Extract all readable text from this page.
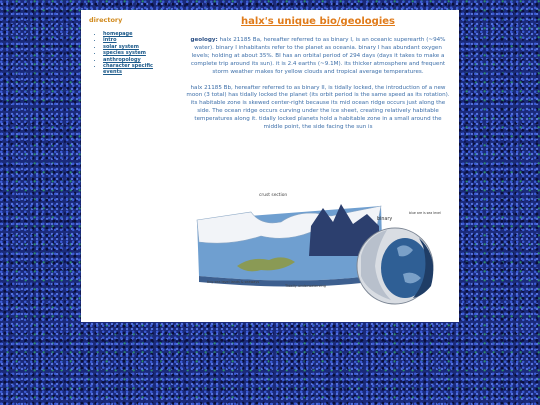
directory
• homepage
• intro
• solar system
• species system
• anthropology
• character specific events
halx's unique bio/geologies

geology: halx 21185 Ba, hereafter referred to as binary I, is an oceanic superearth (~94% water). binary I inhabitants refer to the planet as oceania. binary I has abundant oxygen levels; holding at about 35%. BI has an orbital period of 294 days (days it takes to make a complete trip around its sun). it is 2.4 earths (~9.1M). its thicker atmosphere and frequent storm weather makes for yellow clouds and tropical average temperatures.

halx 21185 Bb, hereafter referred to as binary II, is tidally locked, the introduction of a new moon (3 total) has tidally locked the planet (its orbit period is the same speed as its rotation). its habitable zone is skewed center-right because its mid ocean ridge occurs just along the side. The ocean ridge occurs curving under the ice sheet, creating relatively habitable temperatures along it. tidally locked planets hold a habitable zone in a small around the middle point, the side facing the sun is

crust section
tiny sea level lands & seaways
Tidally underwaterzing
binary
blue are is sea level
